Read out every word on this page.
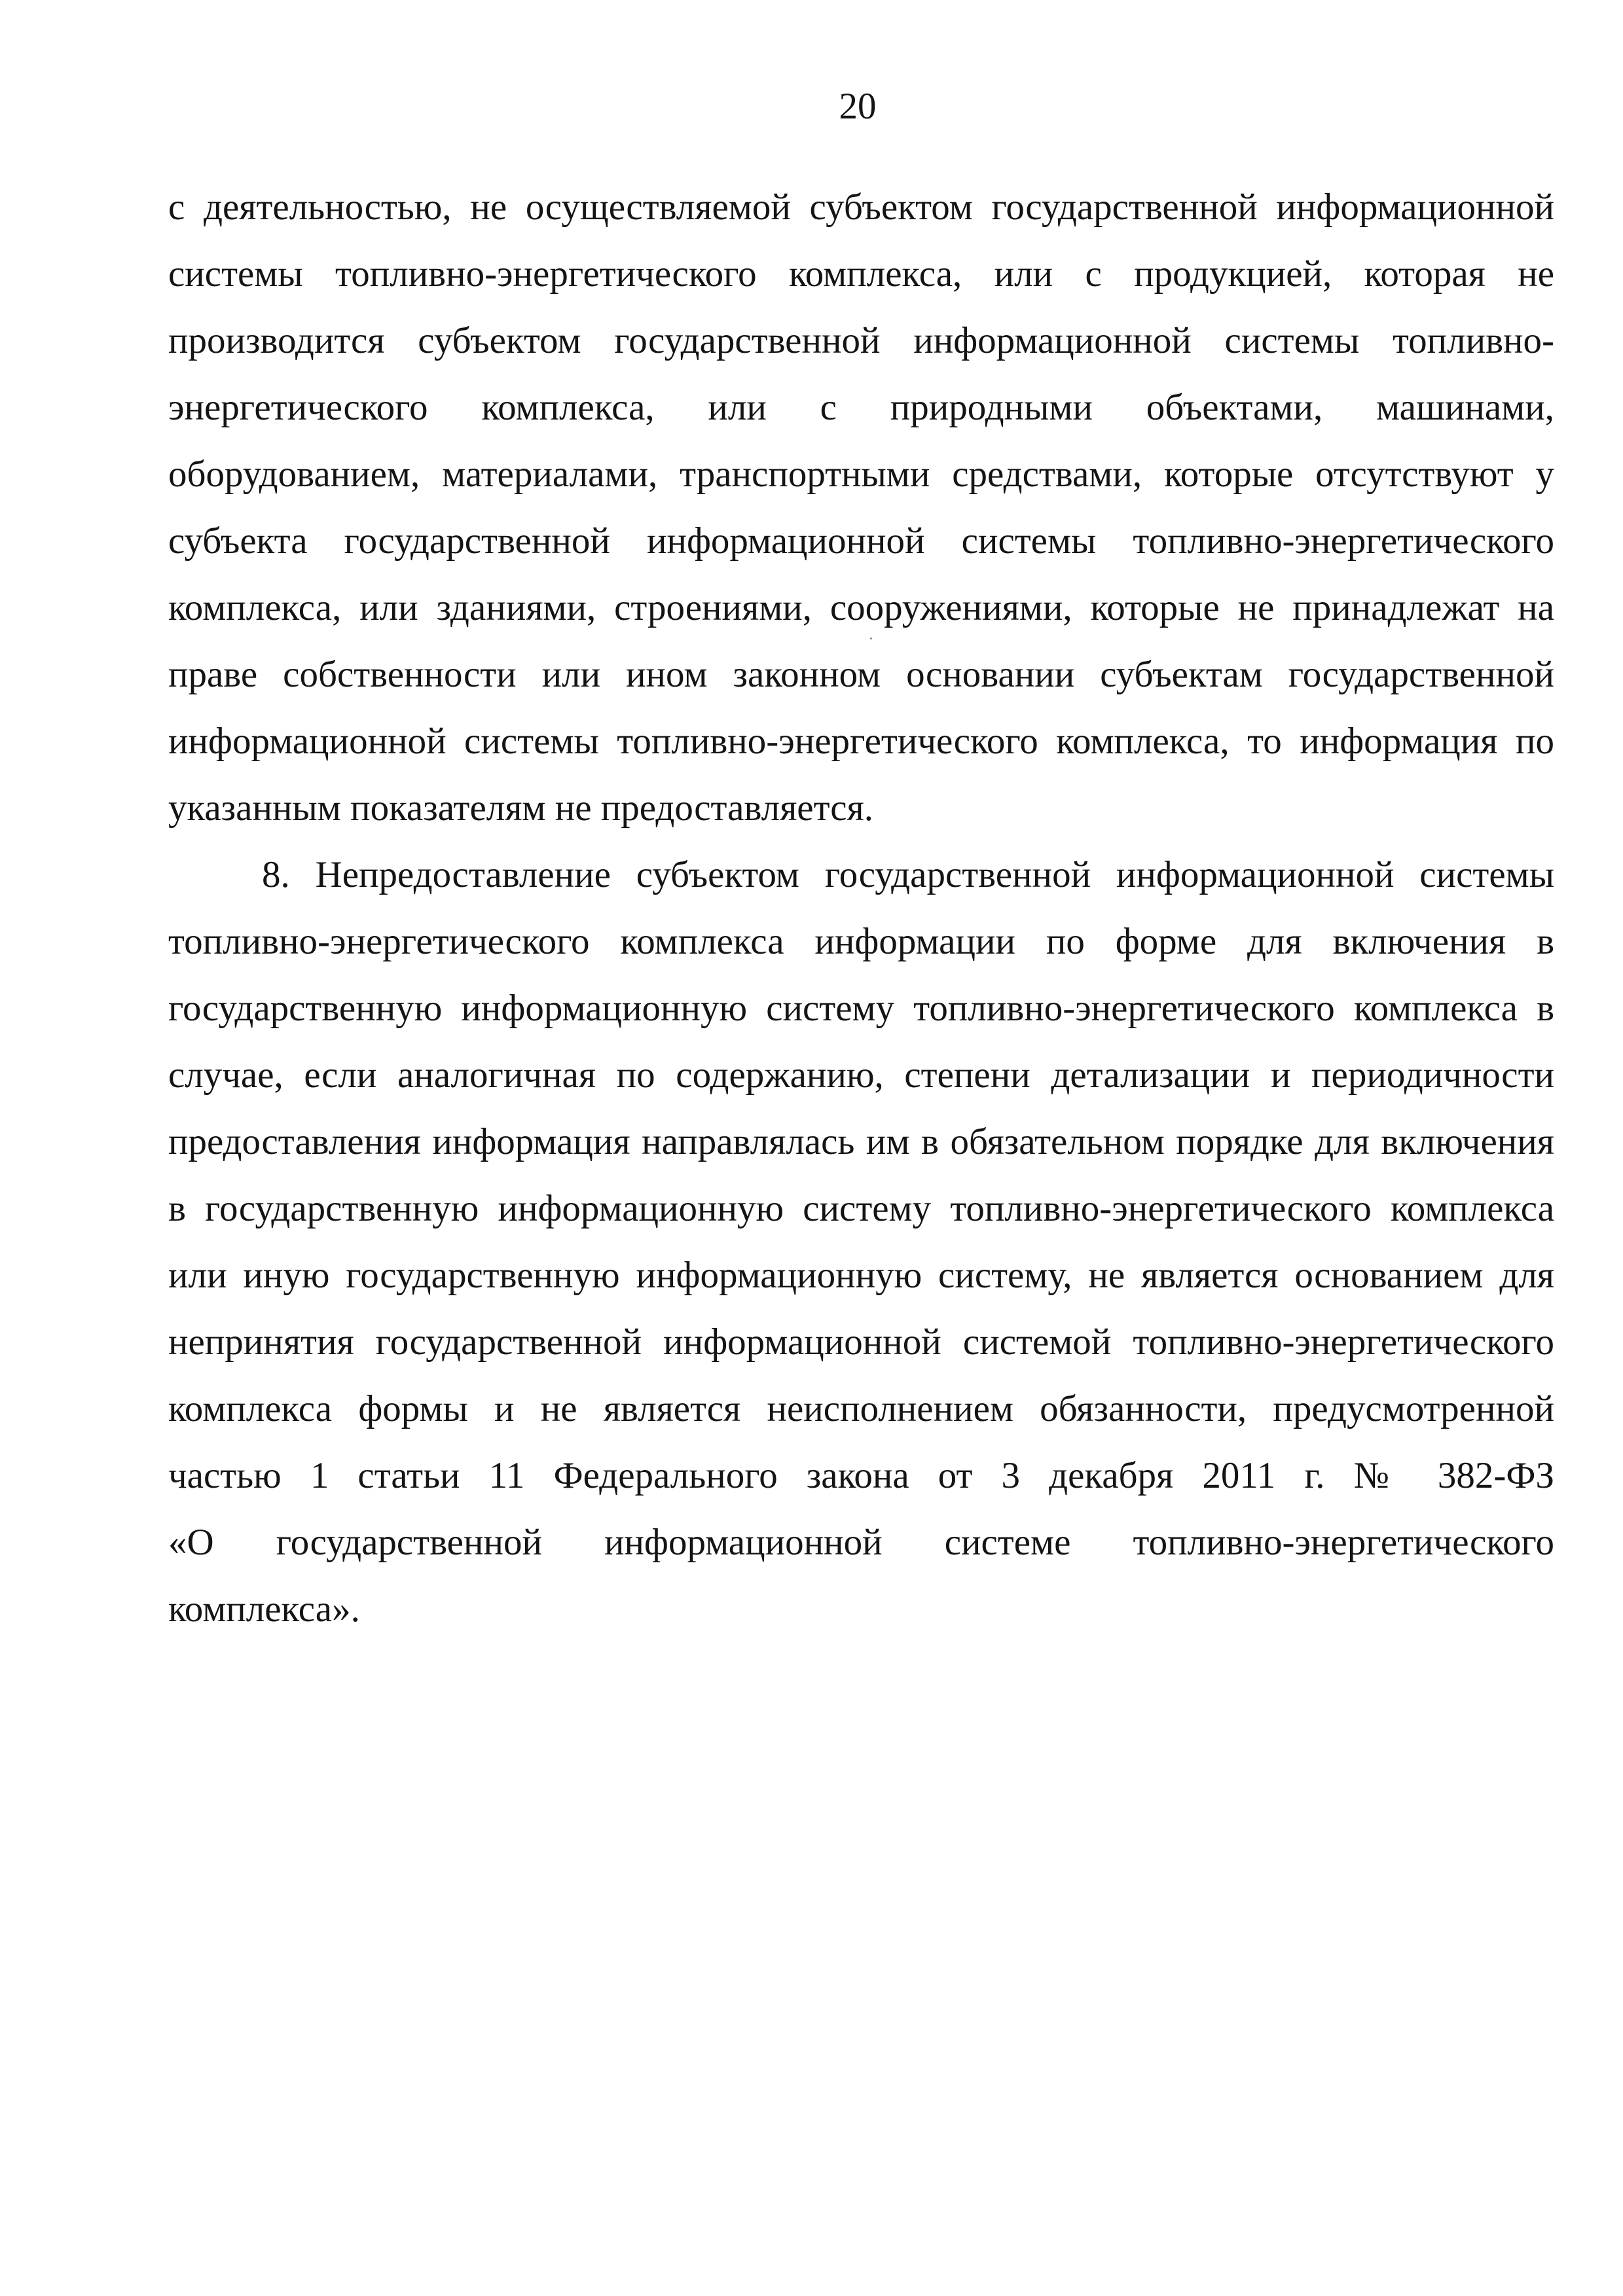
20
с деятельностью, не осуществляемой субъектом государственной информационной
системы топливно-энергетического комплекса, или с продукцией, которая не
производится субъектом государственной информационной системы топливно-
энергетического комплекса, или с природными объектами, машинами,
оборудованием, материалами, транспортными средствами, которые отсутствуют у
субъекта государственной информационной системы топливно-энергетического
комплекса, или зданиями, строениями, сооружениями, которые не принадлежат на
праве собственности или ином законном основании субъектам государственной
информационной системы топливно-энергетического комплекса, то информация по
указанным показателям не предоставляется.
8. Непредоставление субъектом государственной информационной системы
топливно-энергетического комплекса информации по форме для включения в
государственную информационную систему топливно-энергетического комплекса в
случае, если аналогичная по содержанию, степени детализации и периодичности
предоставления информация направлялась им в обязательном порядке для включения
в государственную информационную систему топливно-энергетического комплекса
или иную государственную информационную систему, не является основанием для
непринятия государственной информационной системой топливно-энергетического
комплекса формы и не является неисполнением обязанности, предусмотренной
частью 1 статьи 11 Федерального закона от 3 декабря 2011 г. № 382-ФЗ
«О государственной информационной системе топливно-энергетического
комплекса».
